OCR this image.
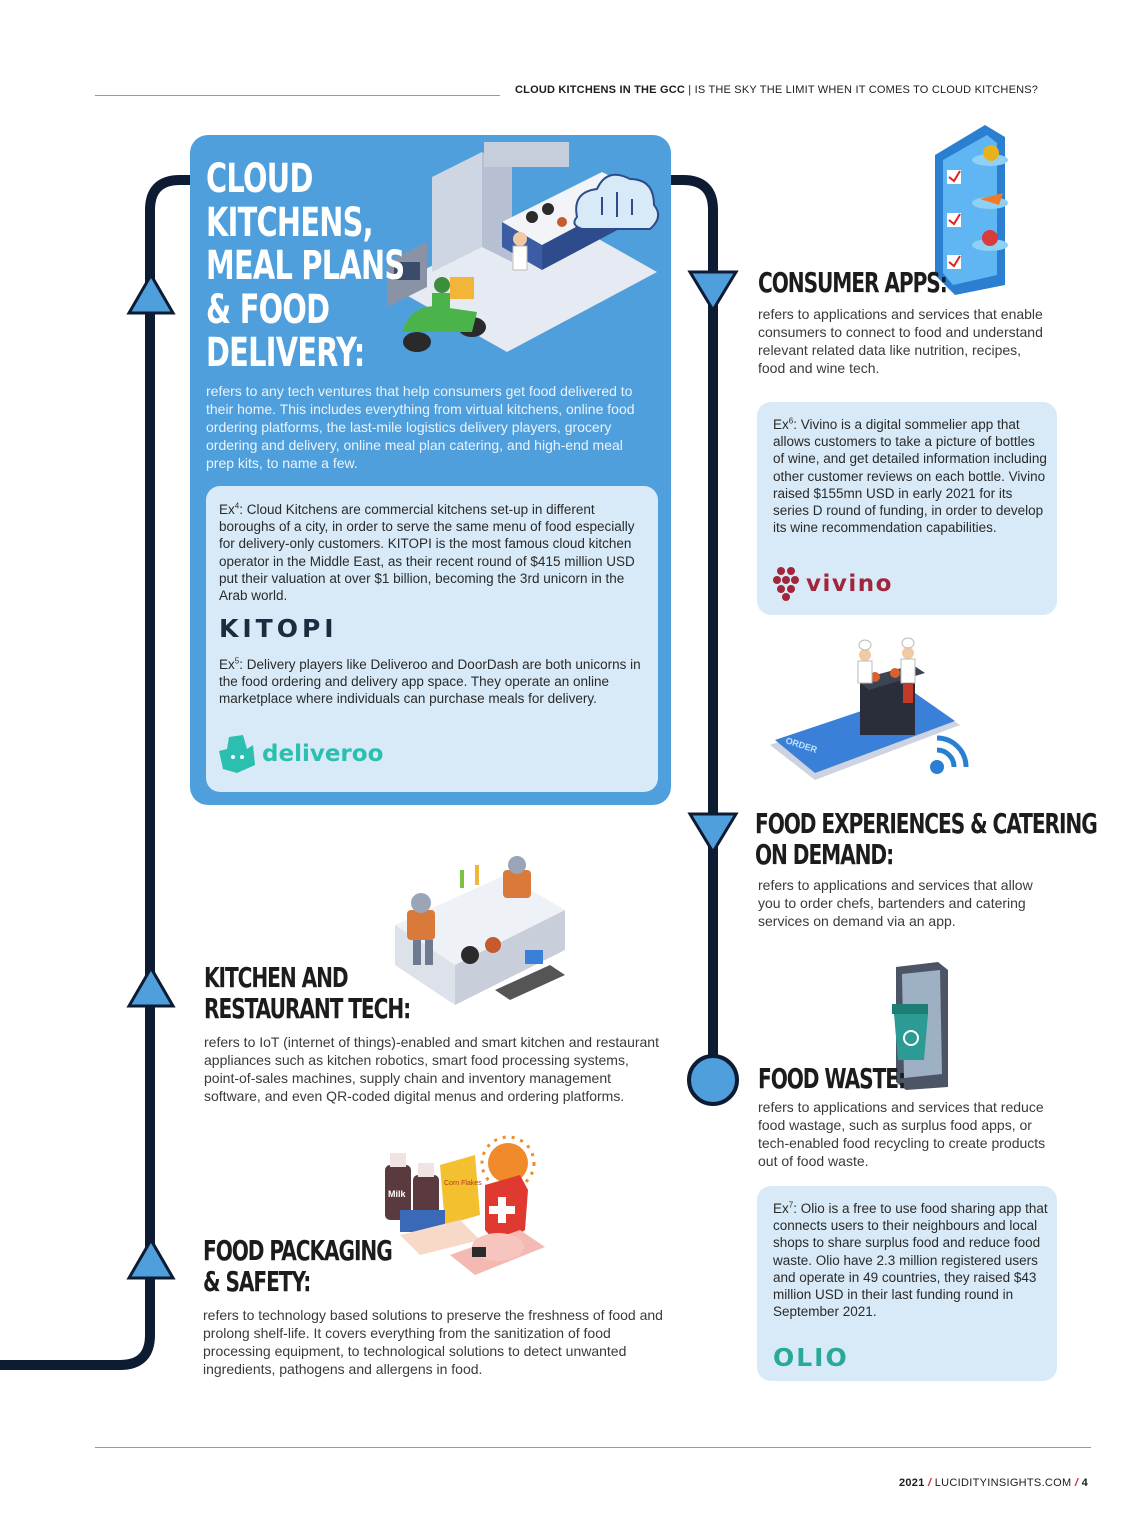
CLOUD KITCHENS IN THE GCC | IS THE SKY THE LIMIT WHEN IT COMES TO CLOUD KITCHENS?
CLOUD
KITCHENS,
MEAL PLANS
& FOOD
DELIVERY:
refers to any tech ventures that help consumers get food delivered to their home. This includes everything from virtual kitchens, online food ordering platforms, the last-mile logistics delivery players, grocery ordering and delivery, online meal plan catering, and high-end meal prep kits, to name a few.
Ex$^4$: Cloud Kitchens are commercial kitchens set-up in different boroughs of a city, in order to serve the same menu of food especially for delivery-only customers. KITOPI is the most famous cloud kitchen operator in the Middle East, as their recent round of $415 million USD put their valuation at over $1 billion, becoming the 3rd unicorn in the Arab world.
KITOPI
Ex$^5$: Delivery players like Deliveroo and DoorDash are both unicorns in the food ordering and delivery app space. They operate an online marketplace where individuals can purchase meals for delivery.
deliveroo
CONSUMER APPS:
refers to applications and services that enable consumers to connect to food and understand relevant related data like nutrition, recipes, food and wine tech.
Ex$^6$: Vivino is a digital sommelier app that allows customers to take a picture of bottles of wine, and get detailed information including other customer reviews on each bottle. Vivino raised $155mn USD in early 2021 for its series D round of funding, in order to develop its wine recommendation capabilities.
vivino
ORDER
FOOD EXPERIENCES & CATERING
ON DEMAND:
refers to applications and services that allow you to order chefs, bartenders and catering services on demand via an app.
KITCHEN AND
RESTAURANT TECH:
refers to IoT (internet of things)-enabled and smart kitchen and restaurant appliances such as kitchen robotics, smart food processing systems, point-of-sales machines, supply chain and inventory management software, and even QR-coded digital menus and ordering platforms.
FOOD WASTE:
refers to applications and services that reduce food wastage, such as surplus food apps, or tech-enabled food recycling to create products out of food waste.
Ex$^7$: Olio is a free to use food sharing app that connects users to their neighbours and local shops to share surplus food and reduce food waste. Olio have 2.3 million registered users and operate in 49 countries, they raised $43 million USD in their last funding round in September 2021.
OLIO
Milk
Corn Flakes
FOOD PACKAGING
& SAFETY:
refers to technology based solutions to preserve the freshness of food and prolong shelf-life. It covers everything from the sanitization of food processing equipment, to technological solutions to detect unwanted ingredients, pathogens and allergens in food.
2021 / LUCIDITYINSIGHTS.COM / 4
